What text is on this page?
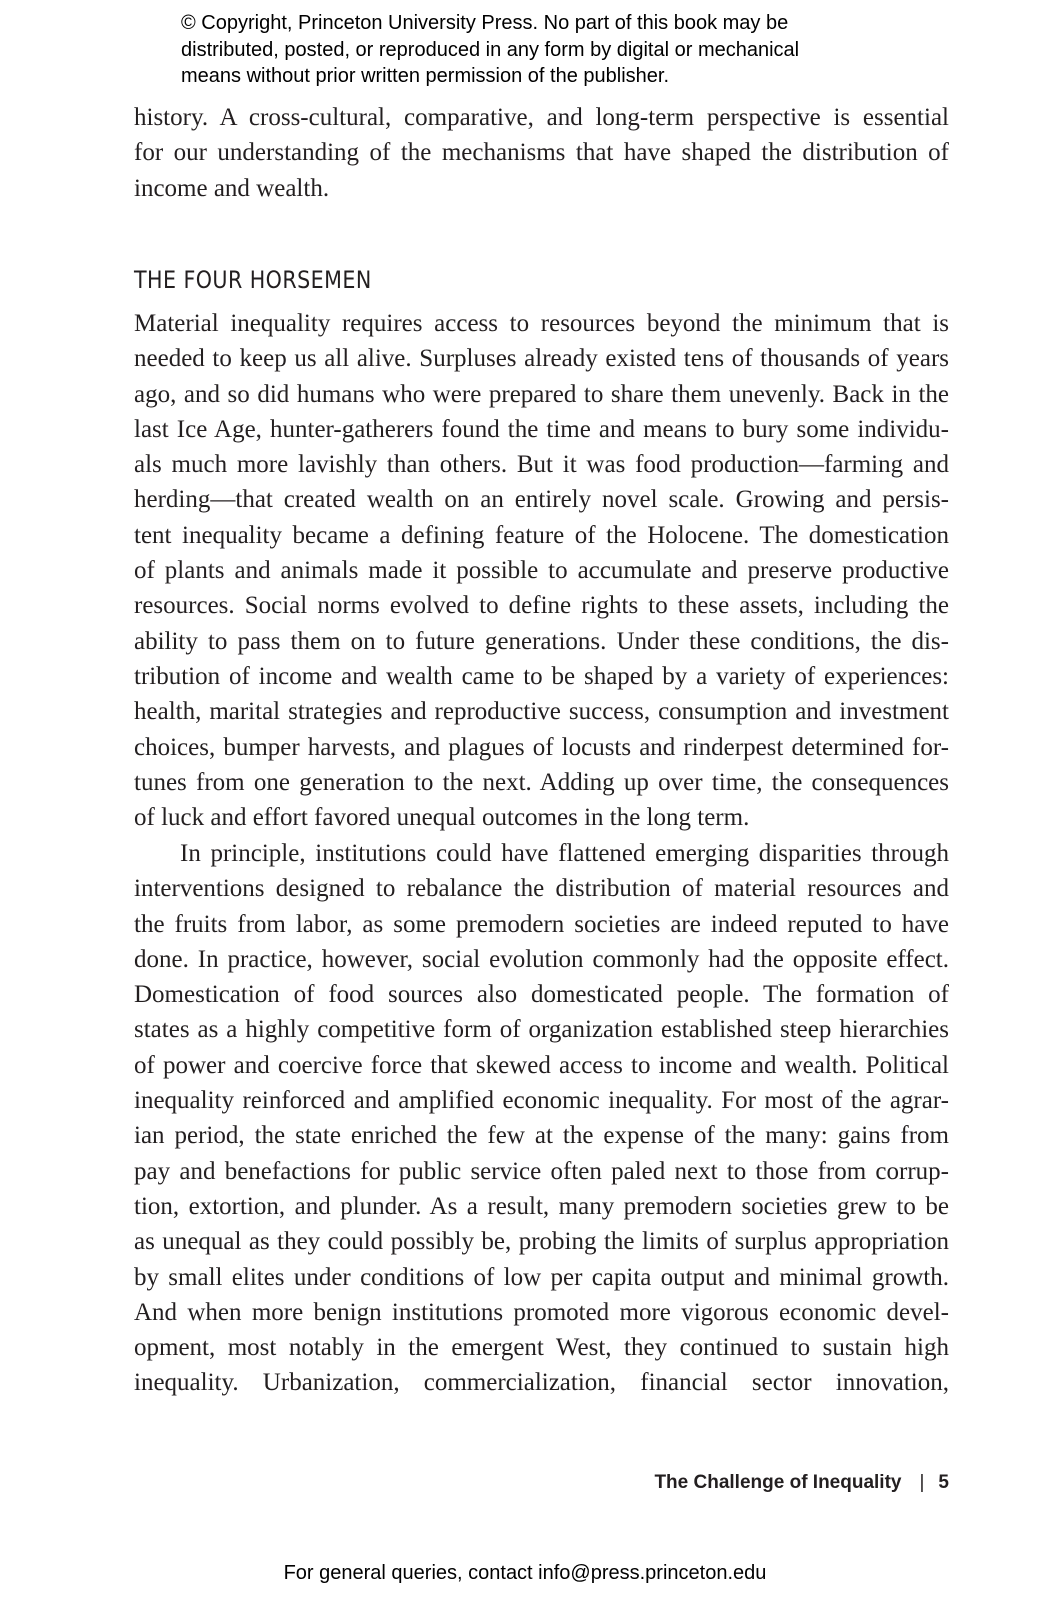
© Copyright, Princeton University Press. No part of this book may be
distributed, posted, or reproduced in any form by digital or mechanical
means without prior written permission of the publisher.
history. A cross-cultural, comparative, and long-term perspective is essential
for our understanding of the mechanisms that have shaped the distribution of
income and wealth.
THE FOUR HORSEMEN
Material inequality requires access to resources beyond the minimum that is
needed to keep us all alive. Surpluses already existed tens of thousands of years
ago, and so did humans who were prepared to share them unevenly. Back in the
last Ice Age, hunter-gatherers found the time and means to bury some individu-
als much more lavishly than others. But it was food production—farming and
herding—that created wealth on an entirely novel scale. Growing and persis-
tent inequality became a defining feature of the Holocene. The domestication
of plants and animals made it possible to accumulate and preserve productive
resources. Social norms evolved to define rights to these assets, including the
ability to pass them on to future generations. Under these conditions, the dis-
tribution of income and wealth came to be shaped by a variety of experiences:
health, marital strategies and reproductive success, consumption and investment
choices, bumper harvests, and plagues of locusts and rinderpest determined for-
tunes from one generation to the next. Adding up over time, the consequences
of luck and effort favored unequal outcomes in the long term.
In principle, institutions could have flattened emerging disparities through
interventions designed to rebalance the distribution of material resources and
the fruits from labor, as some premodern societies are indeed reputed to have
done. In practice, however, social evolution commonly had the opposite effect.
Domestication of food sources also domesticated people. The formation of
states as a highly competitive form of organization established steep hierarchies
of power and coercive force that skewed access to income and wealth. Political
inequality reinforced and amplified economic inequality. For most of the agrar-
ian period, the state enriched the few at the expense of the many: gains from
pay and benefactions for public service often paled next to those from corrup-
tion, extortion, and plunder. As a result, many premodern societies grew to be
as unequal as they could possibly be, probing the limits of surplus appropriation
by small elites under conditions of low per capita output and minimal growth.
And when more benign institutions promoted more vigorous economic devel-
opment, most notably in the emergent West, they continued to sustain high
inequality. Urbanization, commercialization, financial sector innovation,
The Challenge of Inequality | 5
For general queries, contact info@press.princeton.edu
